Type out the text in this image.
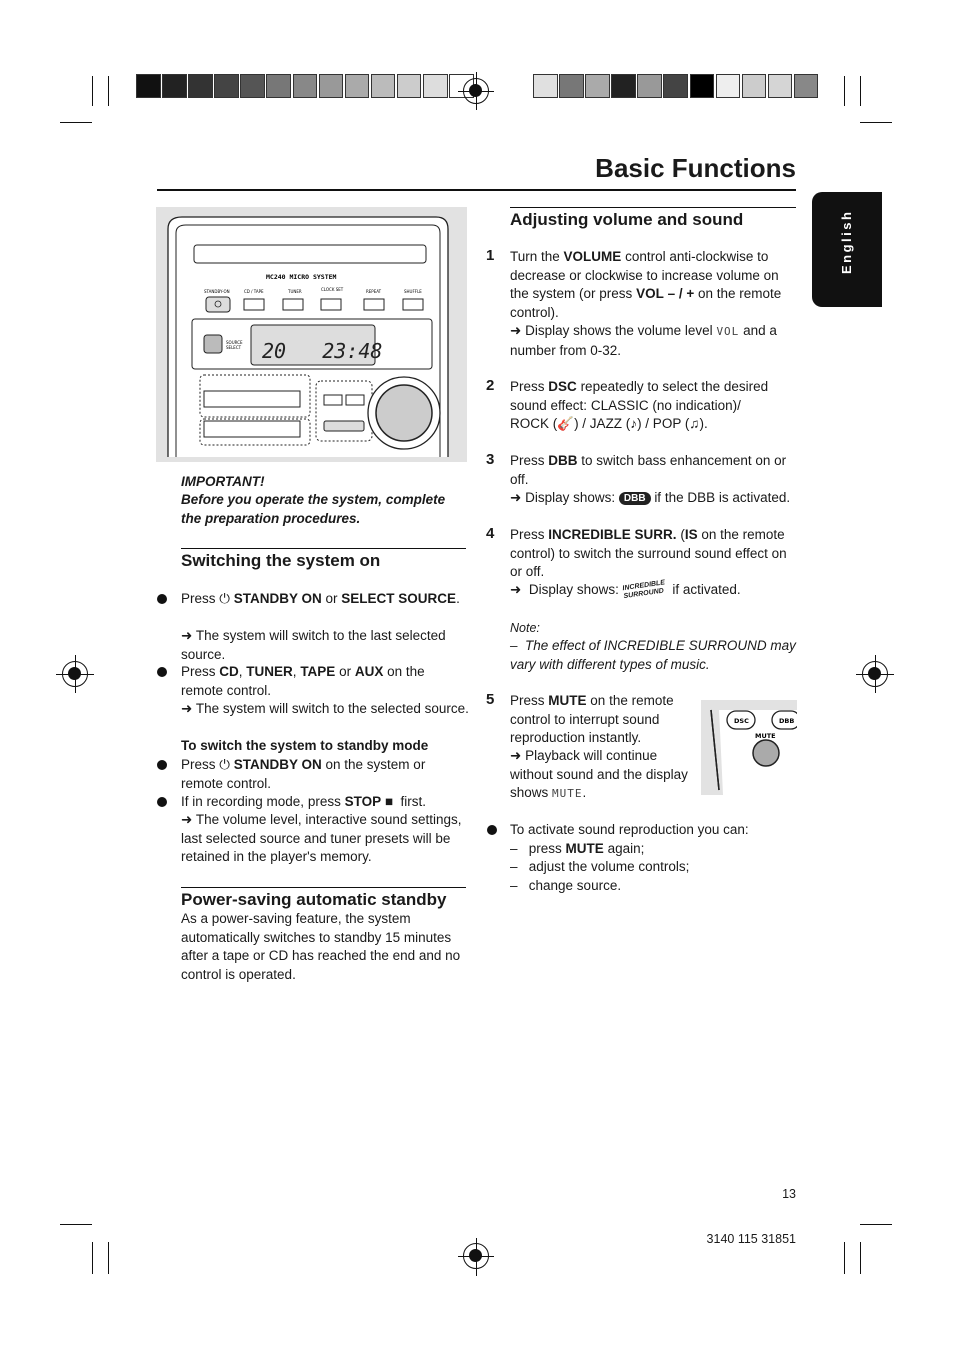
Basic Functions
English
MC240 MICRO SYSTEM
STANDBY-ON	CD / TAPE	TUNER	CLOCK SET	REPEAT	SHUFFLE
SOURCE
SELECT 20   23:48
IMPORTANT!
Before you operate the system, complete the preparation procedures.
Switching the system on
Press ⏻ STANDBY ON or SELECT SOURCE.
➜ The system will switch to the last selected source.
Press CD, TUNER, TAPE or AUX on the remote control.
➜ The system will switch to the selected source.
To switch the system to standby mode
Press ⏻ STANDBY ON on the system or remote control.
If in recording mode, press STOP ■ first.
➜ The volume level, interactive sound settings, last selected source and tuner presets will be retained in the player's memory.
Power-saving automatic standby
As a power-saving feature, the system automatically switches to standby 15 minutes after a tape or CD has reached the end and no control is operated.
Adjusting volume and sound
1 Turn the VOLUME control anti-clockwise to decrease or clockwise to increase volume on the system (or press VOL – / + on the remote control).
➜ Display shows the volume level VOL and a number from 0-32.
2 Press DSC repeatedly to select the desired sound effect: CLASSIC (no indication)/
ROCK (🎸) / JAZZ (♪) / POP (♫).
3 Press DBB to switch bass enhancement on or off.
➜ Display shows: DBB if the DBB is activated.
4 Press INCREDIBLE SURR. (IS on the remote control) to switch the surround sound effect on or off.
➜ Display shows: INCREDIBLE SURROUND if activated.
Note:
–  The effect of INCREDIBLE SURROUND may vary with different types of music.
5 Press MUTE on the remote control to interrupt sound reproduction instantly.
➜ Playback will continue without sound and the display shows MUTE.
DSC	DBB
MUTE
To activate sound reproduction you can:
–   press MUTE again;
–   adjust the volume controls;
–   change source.
13
3140 115 31851
